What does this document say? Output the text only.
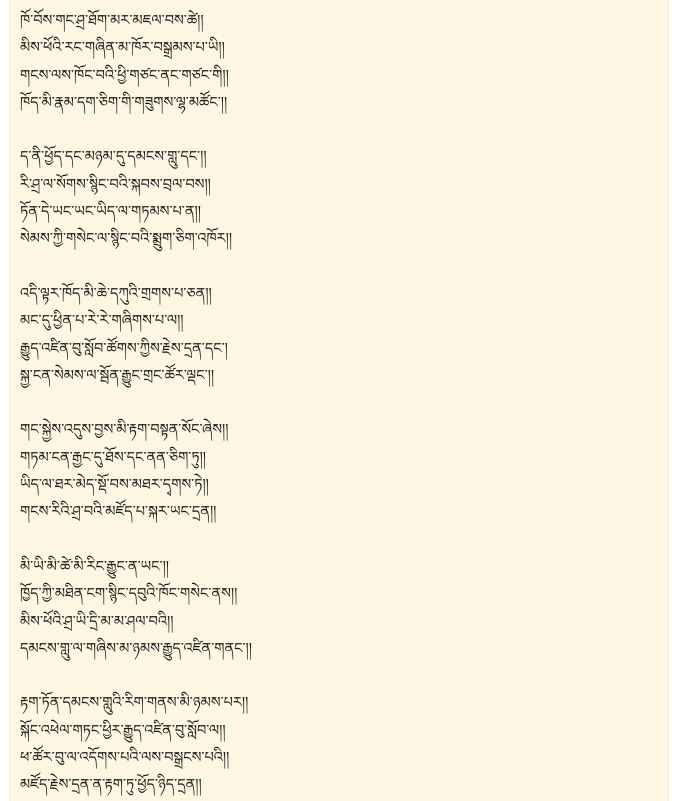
ཁོ་བོས་གང་ཤྲ་ཐོག་མར་མཇལ་བས་ཚེ།།
མིས་ཕོའི་རང་གཞིན་མ་ཁོར་བསྒྲམས་པ་ཡི།།
གངས་ལས་ཁོང་བའི་ཕྱི་གཙང་ནང་གཙང་གི།།
ཁོད་མི་རྣམ་དག་ཅིག་གི་གཟུགས་ལྷ་མཚོང་།།
ད་ནི་ཕྱོད་དང་མཉམ་དུ་དམངས་གླུ་དང་།།
རི་ཤྲ་ལ་སོགས་སྙིང་བའི་སྐབས་བྲལ་བས།།
ཏོན་དེ་ཡང་ཡང་ཡིད་ལ་གཏམས་པ་ན།།
སེམས་ཀྱི་གསེང་ལ་སྙིང་བའི་སྨྲུག་ཅིག་འཁོར།།
འདི་ལྟར་ཁོད་མི་ཆེ་དཀུའི་གྲགས་པ་ཅན།།
མང་དུ་ཕྱིན་པ་རེ་རེ་གཞིགས་པ་ལ།།
རྒྱུད་འཛིན་བུ་སློབ་ཚོགས་ཀྱིས་རྗེས་དྲན་དང་།
སྐྱ་ངན་སེམས་ལ་སྦོན་རྒྱུང་གྲང་ཚོར་ལྡང་།།
གང་སྐྱེས་འདུས་བྱས་མི་རྟག་བསྟན་སོང་ཞེས།།
གཏམ་ངན་རྒྱང་དུ་ཐོས་དང་ནན་ཅིག་ཏུ།།
ཡིད་ལ་ཐར་མེད་སྡོ་བས་མཐར་དྭགས་ཏེ།།
གངས་རིའི་ཤྲ་བའི་མཛོད་པ་སྐར་ཡང་དྲན།།
མི་ཡི་མི་ཚེ་མི་རིང་རྒྱུང་ན་ཡང་།།
ཁྱོད་ཀྱི་མཐིན་ངག་སྙིང་དབུའི་ཁོང་གསེང་ནས།།
མིས་ཕོའི་ཤྲ་ཡི་དྲི་མ་མ་ཤལ་བའི།།
དམངས་གླུ་ལ་གཞིས་མ་ཉམས་རྒྱུད་འཛིན་གནང་།།
རྟག་ཏོན་དམངས་གླུའི་རིག་གནས་མི་ཉམས་པར།།
སྐོང་འཕེལ་གཏང་ཕྱིར་རྒྱུད་འཛིན་བུ་སློབ་ལ།།
ཕ་ཚོར་བུ་ལ་འདོགས་པའི་ལས་བསྒྲངས་པའི།།
མཛོད་རྗེས་དྲན་ན་རྟག་ཏུ་ཕྱོད་ཉིད་དྲན།།
